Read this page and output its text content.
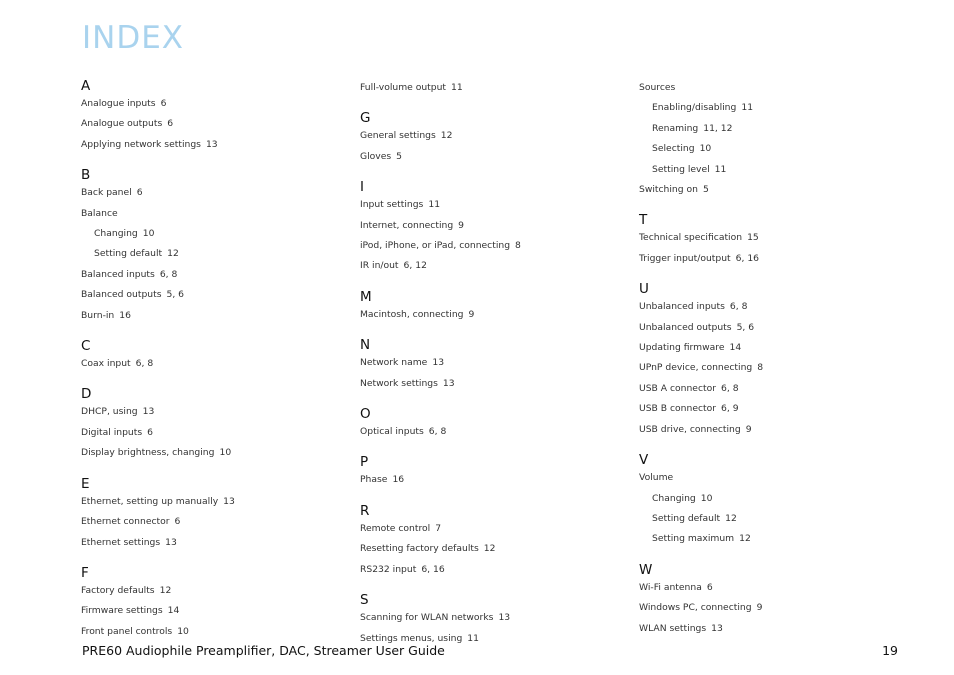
INDEX
A
Analogue inputs 6
Analogue outputs 6
Applying network settings 13
B
Back panel 6
Balance
Changing 10
Setting default 12
Balanced inputs 6, 8
Balanced outputs 5, 6
Burn-in 16
C
Coax input 6, 8
D
DHCP, using 13
Digital inputs 6
Display brightness, changing 10
E
Ethernet, setting up manually 13
Ethernet connector 6
Ethernet settings 13
F
Factory defaults 12
Firmware settings 14
Front panel controls 10
Full-volume output 11
G
General settings 12
Gloves 5
I
Input settings 11
Internet, connecting 9
iPod, iPhone, or iPad, connecting 8
IR in/out 6, 12
M
Macintosh, connecting 9
N
Network name 13
Network settings 13
O
Optical inputs 6, 8
P
Phase 16
R
Remote control 7
Resetting factory defaults 12
RS232 input 6, 16
S
Scanning for WLAN networks 13
Settings menus, using 11
Sources
Enabling/disabling 11
Renaming 11, 12
Selecting 10
Setting level 11
Switching on 5
T
Technical specification 15
Trigger input/output 6, 16
U
Unbalanced inputs 6, 8
Unbalanced outputs 5, 6
Updating firmware 14
UPnP device, connecting 8
USB A connector 6, 8
USB B connector 6, 9
USB drive, connecting 9
V
Volume
Changing 10
Setting default 12
Setting maximum 12
W
Wi-Fi antenna 6
Windows PC, connecting 9
WLAN settings 13
PRE60 Audiophile Preamplifier, DAC, Streamer User Guide	19
